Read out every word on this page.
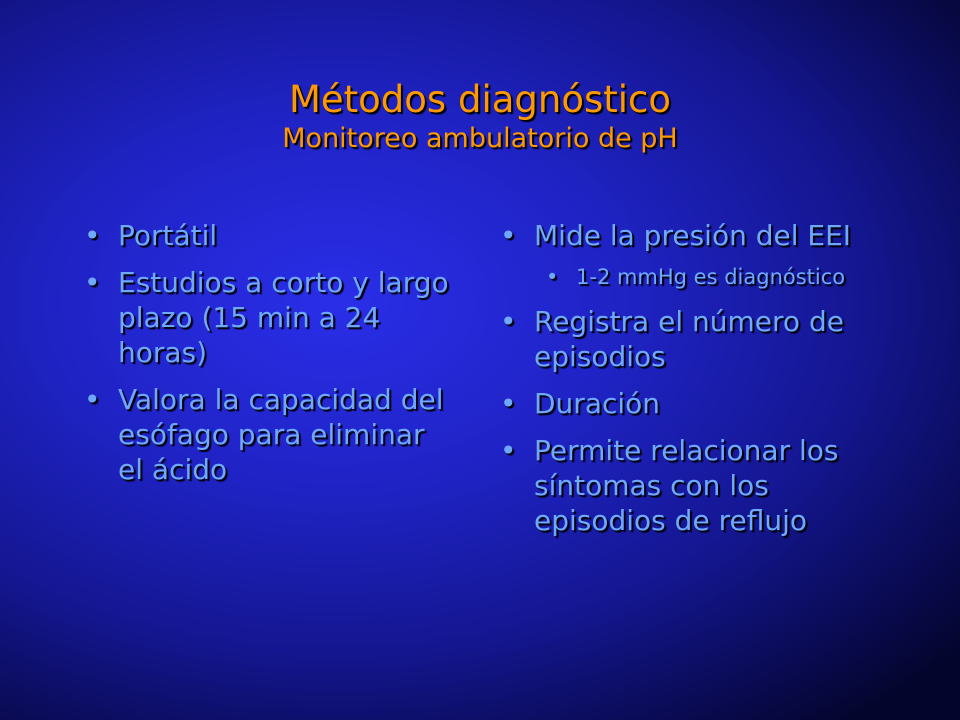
Métodos diagnóstico
Monitoreo ambulatorio de pH
• Portátil
• Estudios a corto y largo plazo (15 min a 24 horas)
• Valora la capacidad del esófago para eliminar el ácido
• Mide la presión del EEI
• 1-2 mmHg es diagnóstico
• Registra el número de episodios
• Duración
• Permite relacionar los síntomas con los episodios de reflujo
